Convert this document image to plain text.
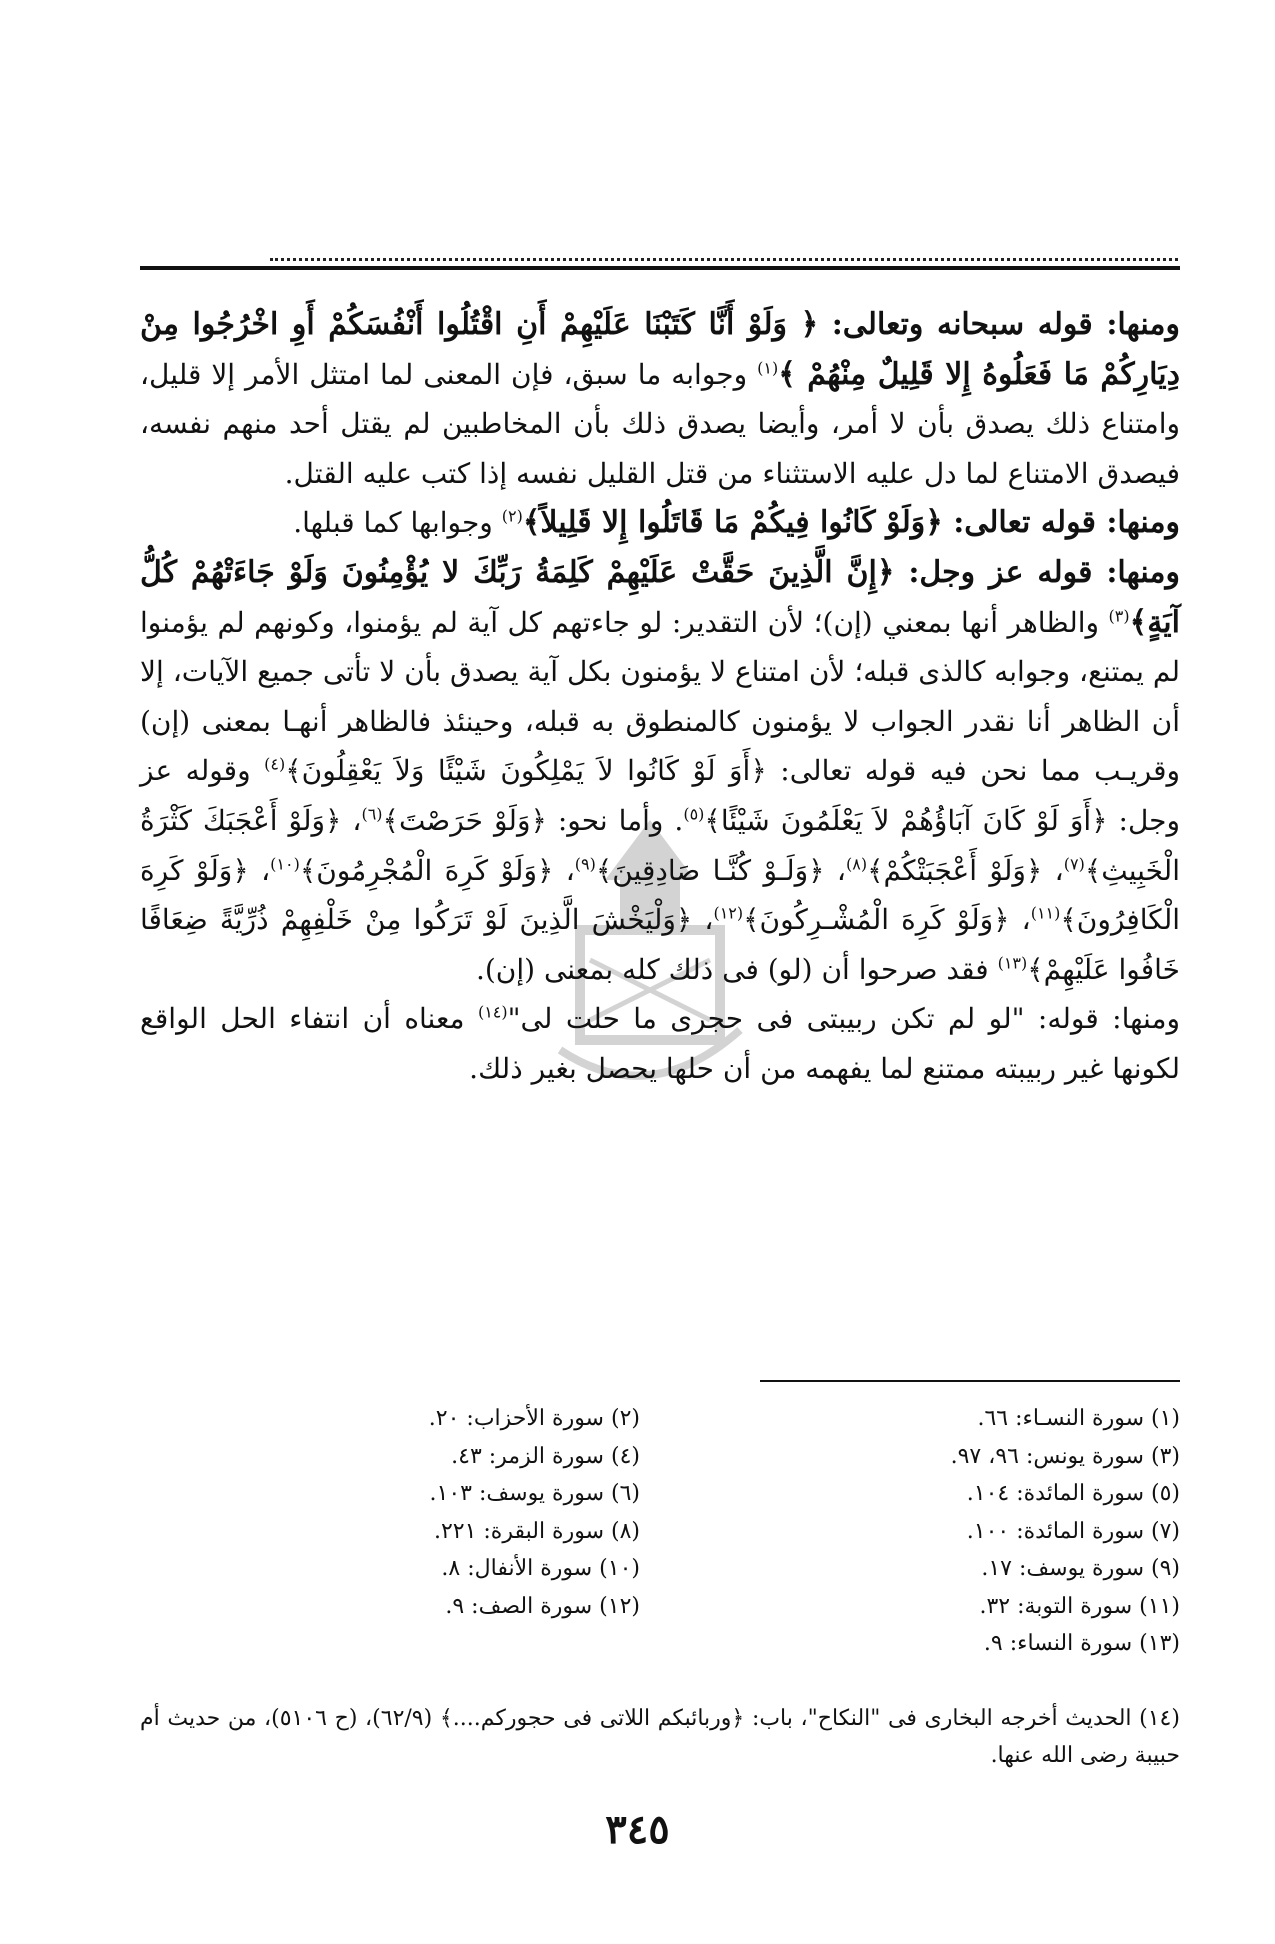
ومنها: قوله سبحانه وتعالى: ﴿ وَلَوْ أَنَّا كَتَبْنَا عَلَيْهِمْ أَنِ اقْتُلُوا أَنْفُسَكُمْ أَوِ اخْرُجُوا مِنْ دِيَارِكُمْ مَا فَعَلُوهُ إِلا قَلِيلٌ مِنْهُمْ ﴾$^{(١)}$ وجوابه ما سبق، فإن المعنى لما امتثل الأمر إلا قليل، وامتناع ذلك يصدق بأن لا أمر، وأيضا يصدق ذلك بأن المخاطبين لم يقتل أحد منهم نفسه، فيصدق الامتناع لما دل عليه الاستثناء من قتل القليل نفسه إذا كتب عليه القتل.

ومنها: قوله تعالى: ﴿وَلَوْ كَانُوا فِيكُمْ مَا قَاتَلُوا إِلا قَلِيلاً﴾$^{(٢)}$ وجوابها كما قبلها.

ومنها: قوله عز وجل: ﴿إِنَّ الَّذِينَ حَقَّتْ عَلَيْهِمْ كَلِمَةُ رَبِّكَ لا يُؤْمِنُونَ وَلَوْ جَاءَتْهُمْ كُلُّ آيَةٍ﴾$^{(٣)}$ والظاهر أنها بمعني (إن)؛ لأن التقدير: لو جاءتهم كل آية لم يؤمنوا، وكونهم لم يؤمنوا لم يمتنع، وجوابه كالذى قبله؛ لأن امتناع لا يؤمنون بكل آية يصدق بأن لا تأتى جميع الآيات، إلا أن الظاهر أنا نقدر الجواب لا يؤمنون كالمنطوق به قبله، وحينئذ فالظاهر أنهـا بمعنى (إن) وقريـب مما نحن فيه قوله تعالى: ﴿أَوَ لَوْ كَانُوا لاَ يَمْلِكُونَ شَيْئًا وَلاَ يَعْقِلُونَ﴾$^{(٤)}$ وقوله عز وجل: ﴿أَوَ لَوْ كَانَ آبَاؤُهُمْ لاَ يَعْلَمُونَ شَيْئًا﴾$^{(٥)}$. وأما نحو: ﴿وَلَوْ حَرَصْتَ﴾$^{(٦)}$، ﴿وَلَوْ أَعْجَبَكَ كَثْرَةُ الْخَبِيثِ﴾$^{(٧)}$، ﴿وَلَوْ أَعْجَبَتْكُمْ﴾$^{(٨)}$، ﴿وَلَـوْ كُنَّـا صَادِقِينَ﴾$^{(٩)}$، ﴿وَلَوْ كَرِهَ الْمُجْرِمُونَ﴾$^{(١٠)}$، ﴿وَلَوْ كَرِهَ الْكَافِرُونَ﴾$^{(١١)}$، ﴿وَلَوْ كَرِهَ الْمُشْـرِكُونَ﴾$^{(١٢)}$، ﴿وَلْيَخْشَ الَّذِينَ لَوْ تَرَكُوا مِنْ خَلْفِهِمْ ذُرِّيَّةً ضِعَافًا خَافُوا عَلَيْهِمْ﴾$^{(١٣)}$ فقد صرحوا أن (لو) فى ذلك كله بمعنى (إن).

ومنها: قوله: "لو لم تكن ربيبتى فى حجرى ما حلت لى"$^{(١٤)}$ معناه أن انتفاء الحل الواقع لكونها غير ربيبته ممتنع لما يفهمه من أن حلها يحصل بغير ذلك.

(١) سورة النسـاء: ٦٦.
(٢) سورة الأحزاب: ٢٠.
(٣) سورة يونس: ٩٦، ٩٧.
(٤) سورة الزمر: ٤٣.
(٥) سورة المائدة: ١٠٤.
(٦) سورة يوسف: ١٠٣.
(٧) سورة المائدة: ١٠٠.
(٨) سورة البقرة: ٢٢١.
(٩) سورة يوسف: ١٧.
(١٠) سورة الأنفال: ٨.
(١١) سورة التوبة: ٣٢.
(١٢) سورة الصف: ٩.
(١٣) سورة النساء: ٩.
(١٤) الحديث أخرجه البخارى فى "النكاح"، باب: ﴿وربائبكم اللاتى فى حجوركم....﴾ (٦٢/٩)، (ح ٥١٠٦)، من حديث أم حبيبة رضى الله عنها.
٣٤٥
